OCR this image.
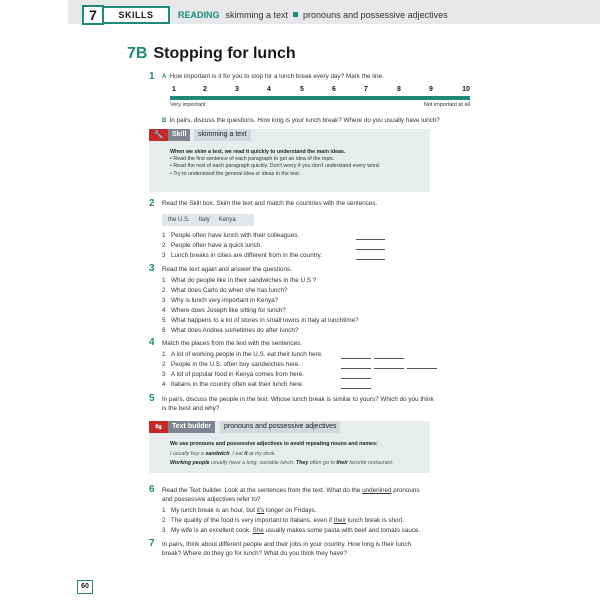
7	SKILLS	READING skimming a text pronouns and possessive adjectives
7B Stopping for lunch
1 A How important is it for you to stop for a lunch break every day? Mark the line.
1	2	3	4	5	6	7	8	9	10
Very important	Not important at all
B In pairs, discuss the questions. How long is your lunch break? Where do you usually have lunch?
🔧	Skill	skimming a text
When we skim a text, we read it quickly to understand the main ideas.
• Read the first sentence of each paragraph to get an idea of the topic.
• Read the rest of each paragraph quickly. Don't worry if you don't understand every word.
• Try to understand the general idea or ideas in the text.
2 Read the Skill box. Skim the text and match the countries with the sentences.
the U.S. Italy Kenya
1 People often have lunch with their colleagues.
2 People often have a quick lunch.
3 Lunch breaks in cities are different from in the country.
3 Read the text again and answer the questions.
1 What do people like in their sandwiches in the U.S.?
2 What does Carlo do when she has lunch?
3 Why is lunch very important in Kenya?
4 Where does Joseph like sitting for lunch?
5 What happens to a lot of stores in small towns in Italy at lunchtime?
6 What does Andrea sometimes do after lunch?
4 Match the places from the text with the sentences.
1 A lot of working people in the U.S. eat their lunch here.
2 People in the U.S. often buy sandwiches here.
3 A lot of popular food in Kenya comes from here.
4 Italians in the country often eat their lunch here.
5 In pairs, discuss the people in the text. Whose lunch break is similar to yours? Which do you think
is the best and why?
⇆	Text builder	pronouns and possessive adjectives
We use pronouns and possessive adjectives to avoid repeating nouns and names:
I usually buy a sandwich. I eat it at my desk.
Working people usually have a long, sociable lunch. They often go to their favorite restaurant.
6 Read the Text builder. Look at the sentences from the text. What do the underlined pronouns
and possessive adjectives refer to?
1 My lunch break is an hour, but it's longer on Fridays.
2 The quality of the food is very important to Italians, even if their lunch break is short.
3 My wife is an excellent cook. She usually makes some pasta with beef and tomato sauce.
7 In pairs, think about different people and their jobs in your country. How long is their lunch
break? Where do they go for lunch? What do you think they have?
60
